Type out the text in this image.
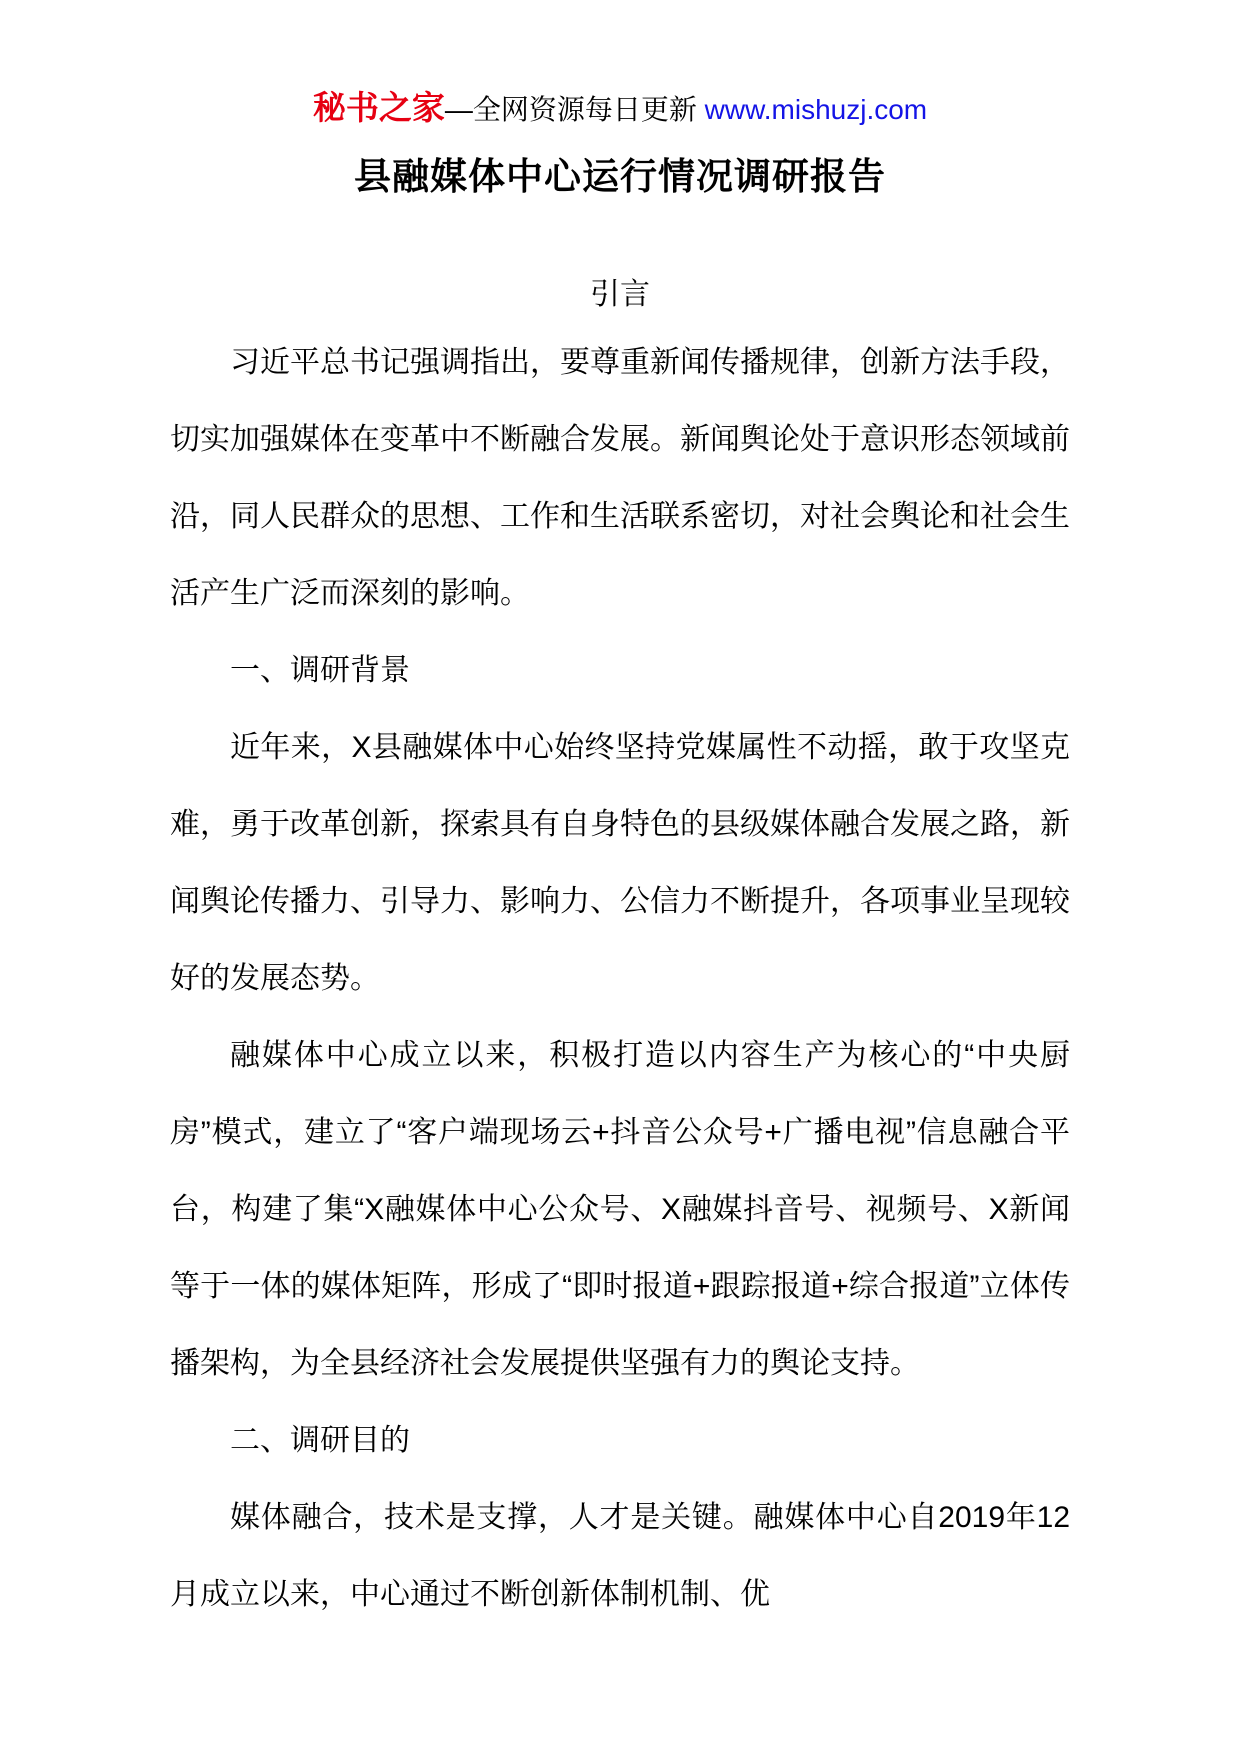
秘书之家—全网资源每日更新 www.mishuzj.com
县融媒体中心运行情况调研报告
引言

习近平总书记强调指出，要尊重新闻传播规律，创新方法手段，切实加强媒体在变革中不断融合发展。新闻舆论处于意识形态领域前沿，同人民群众的思想、工作和生活联系密切，对社会舆论和社会生活产生广泛而深刻的影响。

一、调研背景

近年来，X县融媒体中心始终坚持党媒属性不动摇，敢于攻坚克难，勇于改革创新，探索具有自身特色的县级媒体融合发展之路，新闻舆论传播力、引导力、影响力、公信力不断提升，各项事业呈现较好的发展态势。

融媒体中心成立以来，积极打造以内容生产为核心的“中央厨房”模式，建立了“客户端现场云+抖音公众号+广播电视”信息融合平台，构建了集“X融媒体中心公众号、X融媒抖音号、视频号、X新闻等于一体的媒体矩阵，形成了“即时报道+跟踪报道+综合报道”立体传播架构，为全县经济社会发展提供坚强有力的舆论支持。

二、调研目的

媒体融合，技术是支撑，人才是关键。融媒体中心自2019年12月成立以来，中心通过不断创新体制机制、优
